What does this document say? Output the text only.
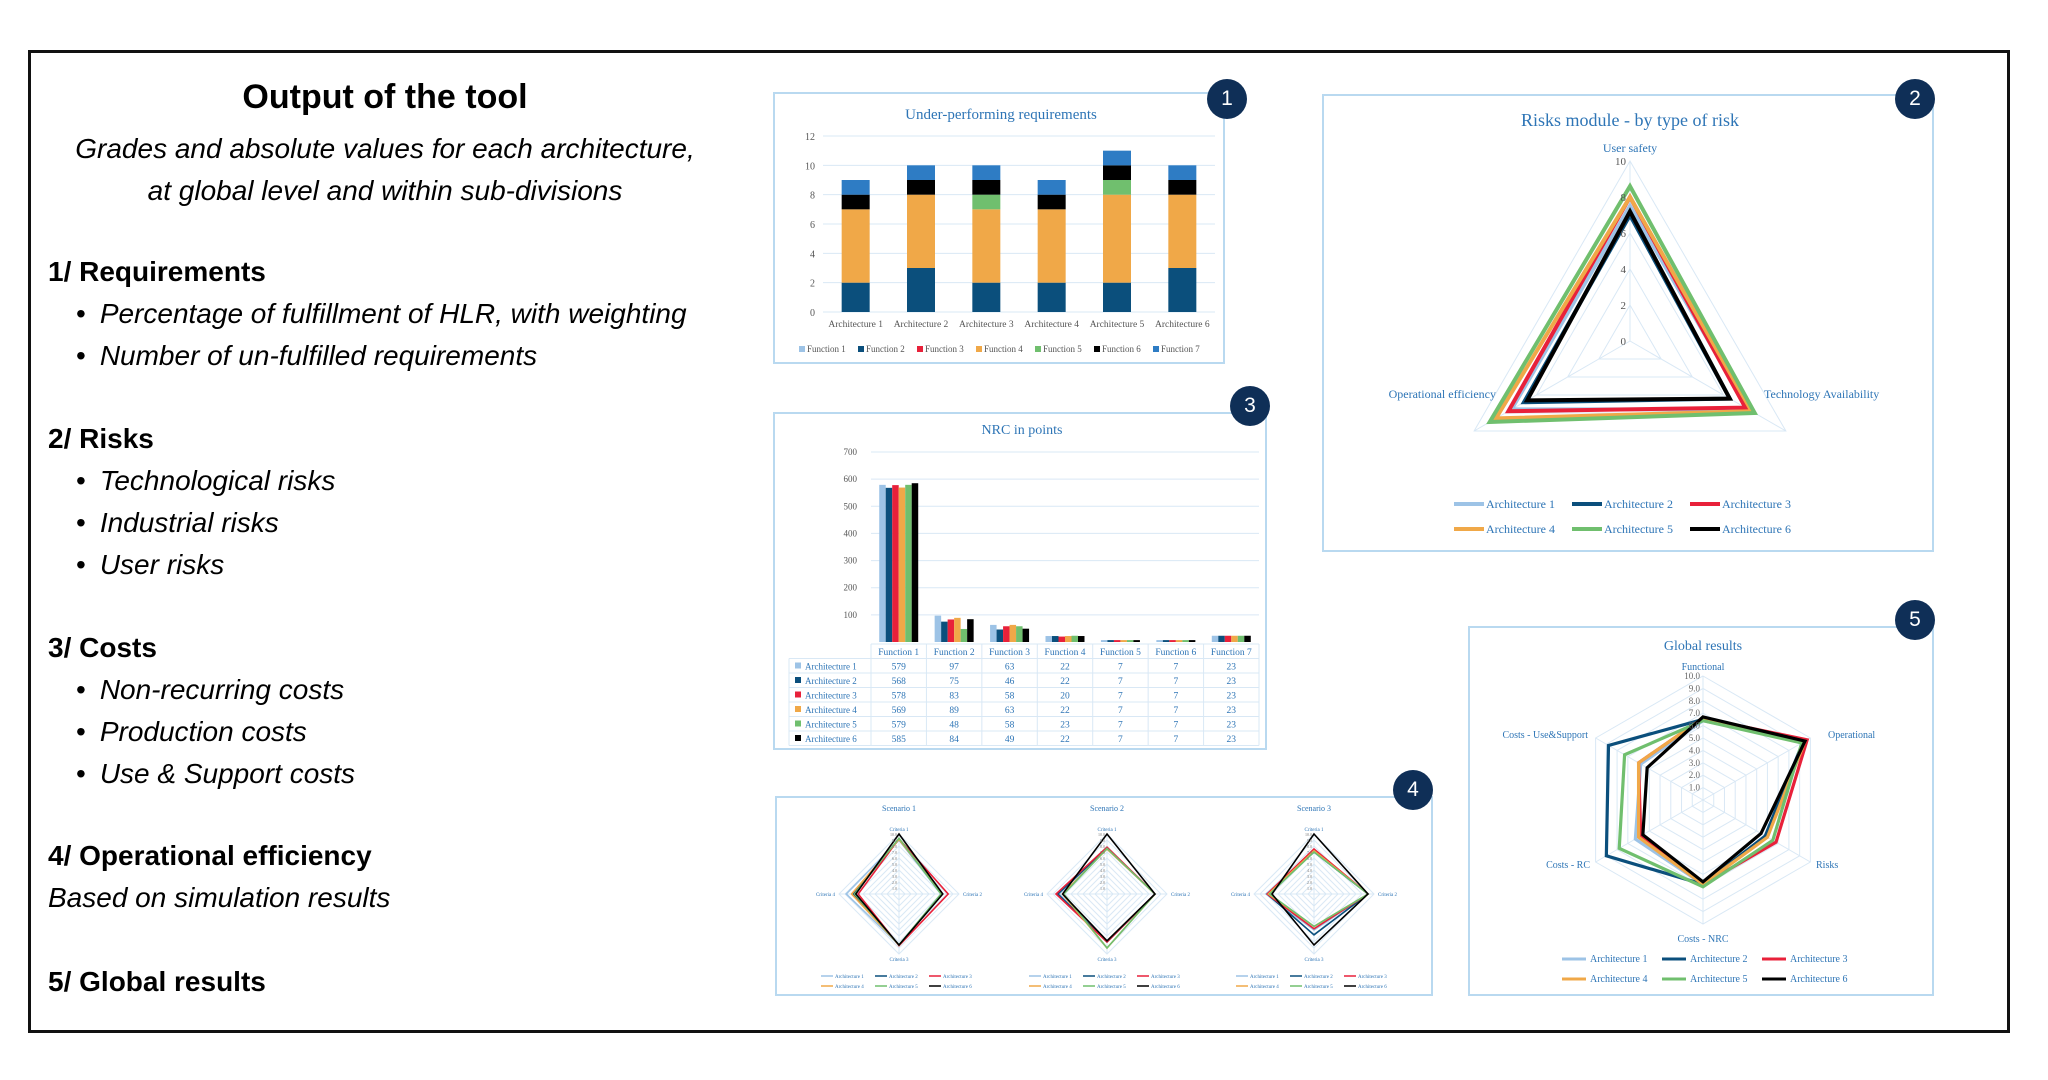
Output of the tool
Grades and absolute values for each architecture,
at global level and within sub-divisions
1/ Requirements
• Percentage of fulfillment of HLR, with weighting
• Number of un-fulfilled requirements
2/ Risks
• Technological risks
• Industrial risks
• User risks
3/ Costs
• Non-recurring costs
• Production costs
• Use & Support costs
4/ Operational efficiency
Based on simulation results
5/ Global results
Under-performing requirements
0
2
4
6
8
10
12
Architecture 1 Architecture 2 Architecture 3 Architecture 4 Architecture 5 Architecture 6
Function 1 Function 2 Function 3 Function 4 Function 5 Function 6 Function 7
Risks module - by type of risk
0
2
4
6
8
10
User safety
Technology Availability
Operational efficiency
Architecture 1	Architecture 2	Architecture 3
Architecture 4	Architecture 5	Architecture 6
NRC in points
100
200
300
400
500
600
700
Function 1 Function 2 Function 3 Function 4 Function 5 Function 6 Function 7
Architecture 1	579	97	63	22	7	7	23
Architecture 2	568	75	46	22	7	7	23
Architecture 3	578	83	58	20	7	7	23
Architecture 4	569	89	63	22	7	7	23
Architecture 5	579	48	58	23	7	7	23
Architecture 6	585	84	49	22	7	7	23
Scenario 1
1.0
2.0
3.0
4.0
5.0
6.0
7.0
8.0
9.0
10.0
Criteria 1
Criteria 2
Criteria 3
Criteria 4
Architecture 1	Architecture 2	Architecture 3
Architecture 4	Architecture 5	Architecture 6
Scenario 2
1.0
2.0
3.0
4.0
5.0
6.0
7.0
8.0
9.0
10.0
Criteria 1
Criteria 2
Criteria 3
Criteria 4
Architecture 1	Architecture 2	Architecture 3
Architecture 4	Architecture 5	Architecture 6
Scenario 3
1.0
2.0
3.0
4.0
5.0
6.0
7.0
8.0
9.0
10.0
Criteria 1
Criteria 2
Criteria 3
Criteria 4
Architecture 1	Architecture 2	Architecture 3
Architecture 4	Architecture 5	Architecture 6
Global results
1.0
2.0
3.0
4.0
5.0
6.0
7.0
8.0
9.0
10.0
Functional
Operational
Risks
Costs - NRC
Costs - RC
Costs - Use&Support
Architecture 1	Architecture 2	Architecture 3
Architecture 4	Architecture 5	Architecture 6
1	2
3
4
5
